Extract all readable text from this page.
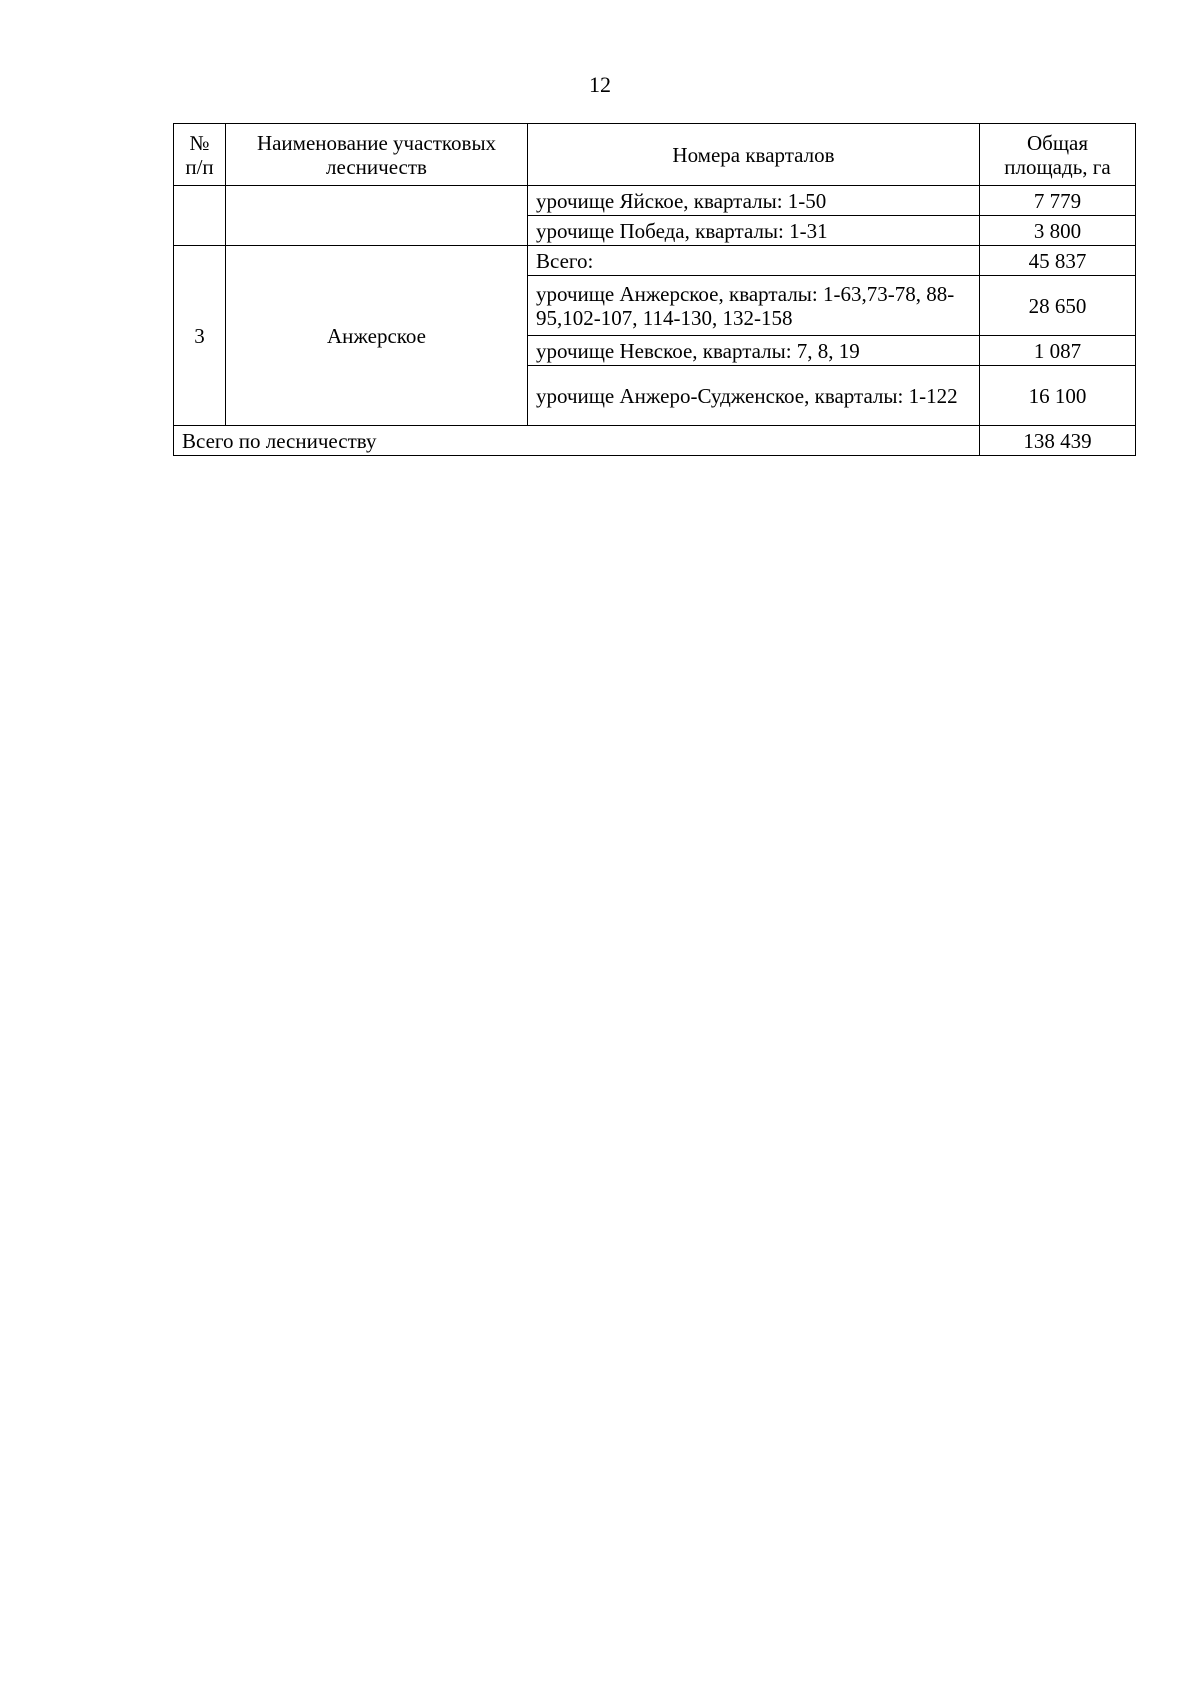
12
№ п/п	Наименование участковых лесничеств	Номера кварталов	Общая площадь, га
		урочище Яйское, кварталы: 1-50	7 779
		урочище Победа, кварталы: 1-31	3 800
3	Анжерское	Всего:	45 837
		урочище Анжерское, кварталы: 1-63,73-78, 88-95,102-107, 114-130, 132-158	28 650
		урочище Невское, кварталы: 7, 8, 19	1 087
		урочище Анжеро-Судженское, кварталы: 1-122	16 100
Всего по лесничеству			138 439
